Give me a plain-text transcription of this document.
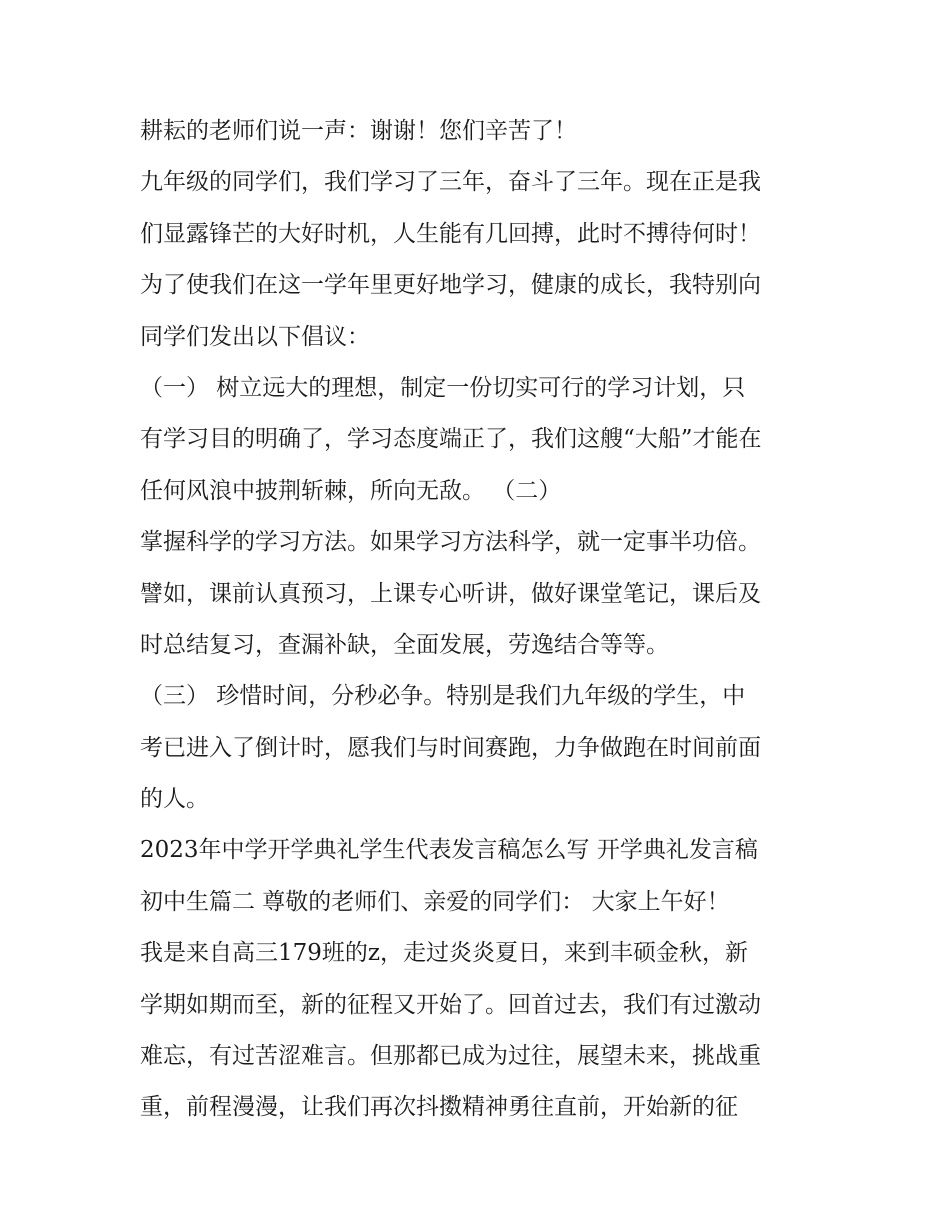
耕耘的老师们说一声：谢谢！您们辛苦了！
九年级的同学们，我们学习了三年，奋斗了三年。现在正是我
们显露锋芒的大好时机，人生能有几回搏，此时不搏待何时！
为了使我们在这一学年里更好地学习，健康的成长，我特别向
同学们发出以下倡议：
（一） 树立远大的理想，制定一份切实可行的学习计划，只
有学习目的明确了，学习态度端正了，我们这艘“大船”才能在
任何风浪中披荆斩棘，所向无敌。 （二）
掌握科学的学习方法。如果学习方法科学，就一定事半功倍。
譬如，课前认真预习，上课专心听讲，做好课堂笔记，课后及
时总结复习，查漏补缺，全面发展，劳逸结合等等。
（三） 珍惜时间，分秒必争。特别是我们九年级的学生，中
考已进入了倒计时，愿我们与时间赛跑，力争做跑在时间前面
的人。
2023年中学开学典礼学生代表发言稿怎么写 开学典礼发言稿
初中生篇二 尊敬的老师们、亲爱的同学们： 大家上午好！
我是来自高三179班的z，走过炎炎夏日，来到丰硕金秋，新
学期如期而至，新的征程又开始了。回首过去，我们有过激动
难忘，有过苦涩难言。但那都已成为过往，展望未来，挑战重
重，前程漫漫，让我们再次抖擞精神勇往直前，开始新的征
